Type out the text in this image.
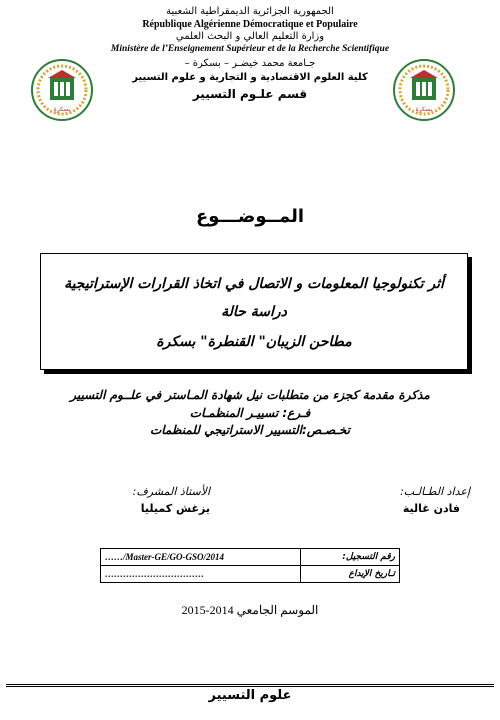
الجمهورية الجزائرية الديمقراطية الشعبية
République Algérienne Démocratique et Populaire
وزارة التعليم العالي و البحث العلمي
Ministère de l’Enseignement Supérieur et de la Recherche Scientifique
جـامعة محمد خيضـر – بسكرة –
كلية العلوم الاقتصادية و التجارية و علوم التسيير
قسم علـوم التسيير
بسكرة	بسكرة
المــوضـــوع
أثر تكنولوجيا المعلومات و الاتصال في اتخاذ القرارات الإستراتيجية
دراسة حالة
مطاحن الزيبان" القنطرة" بسكرة
مذكرة مقدمة كجزء من متطلبات نيل شهادة المـاستر في علــوم التسيير
فـرع: تسييـر المنظمـات
تخـصـص:التسيير الاستراتيجي للمنظمات
إعداد الطـالـب:
فادن غالية
الأستاذ المشرف:
يزغش كميليا
……/Master-GE/GO-GSO/2014	رقم التسجيل:
……………………………	تـاريخ الإيداع
الموسم الجامعي 2014-2015
علوم التسيير
